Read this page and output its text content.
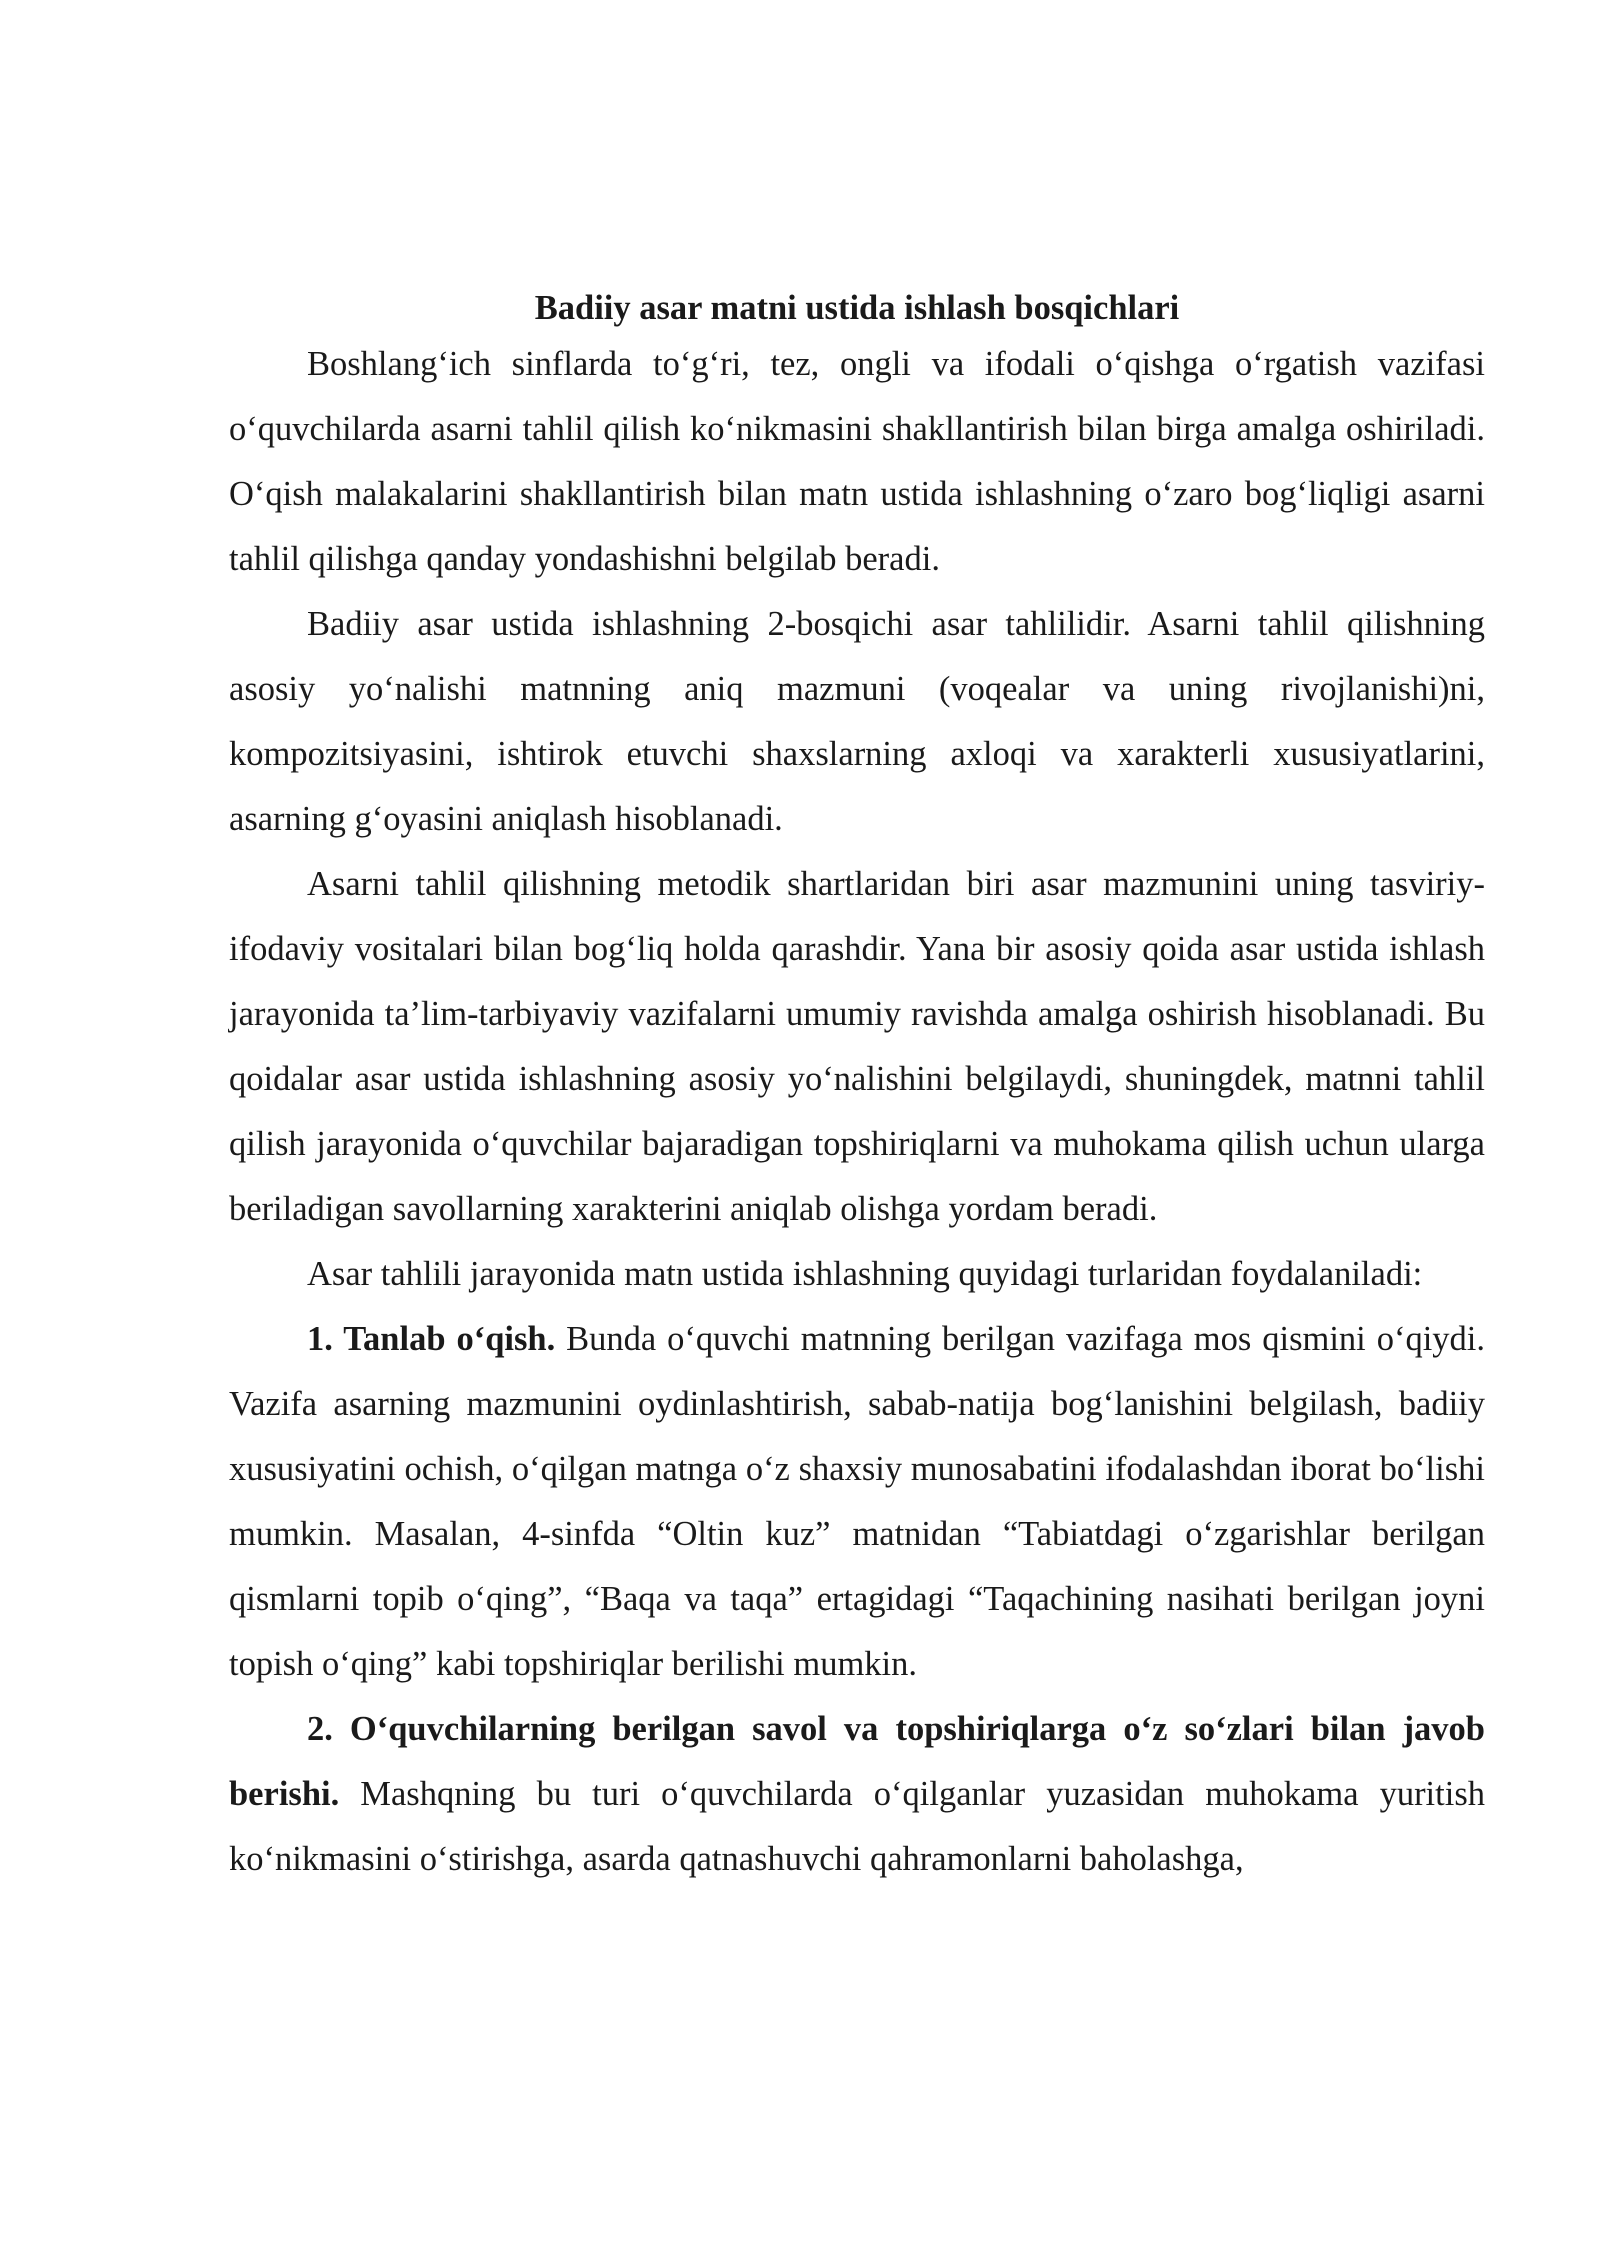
Badiiy asar matni ustida ishlash bosqichlari

Boshlang‘ich sinflarda to‘g‘ri, tez, ongli va ifodali o‘qishga o‘rgatish vazifasi o‘quvchilarda asarni tahlil qilish ko‘nikmasini shakllantirish bilan birga amalga oshiriladi. O‘qish malakalarini shakllantirish bilan matn ustida ishlashning o‘zaro bog‘liqligi asarni tahlil qilishga qanday yondashishni belgilab beradi.

Badiiy asar ustida ishlashning 2-bosqichi asar tahlilidir. Asarni tahlil qilishning asosiy yo‘nalishi matnning aniq mazmuni (voqealar va uning rivojlanishi)ni, kompozitsiyasini, ishtirok etuvchi shaxslarning axloqi va xarakterli xususiyatlarini, asarning g‘oyasini aniqlash hisoblanadi.

Asarni tahlil qilishning metodik shartlaridan biri asar mazmunini uning tasviriy-ifodaviy vositalari bilan bog‘liq holda qarashdir. Yana bir asosiy qoida asar ustida ishlash jarayonida ta’lim-tarbiyaviy vazifalarni umumiy ravishda amalga oshirish hisoblanadi. Bu qoidalar asar ustida ishlashning asosiy yo‘nalishini belgilaydi, shuningdek, matnni tahlil qilish jarayonida o‘quvchilar bajaradigan topshiriqlarni va muhokama qilish uchun ularga beriladigan savollarning xarakterini aniqlab olishga yordam beradi.

Asar tahlili jarayonida matn ustida ishlashning quyidagi turlaridan foydalaniladi:

1. Tanlab o‘qish. Bunda o‘quvchi matnning berilgan vazifaga mos qismini o‘qiydi. Vazifa asarning mazmunini oydinlashtirish, sabab-natija bog‘lanishini belgilash, badiiy xususiyatini ochish, o‘qilgan matnga o‘z shaxsiy munosabatini ifodalashdan iborat bo‘lishi mumkin. Masalan, 4-sinfda “Oltin kuz” matnidan “Tabiatdagi o‘zgarishlar berilgan qismlarni topib o‘qing”, “Baqa va taqa” ertagidagi “Taqachining nasihati berilgan joyni topish o‘qing” kabi topshiriqlar berilishi mumkin.

2. O‘quvchilarning berilgan savol va topshiriqlarga o‘z so‘zlari bilan javob berishi. Mashqning bu turi o‘quvchilarda o‘qilganlar yuzasidan muhokama yuritish ko‘nikmasini o‘stirishga, asarda qatnashuvchi qahramonlarni baholashga,
